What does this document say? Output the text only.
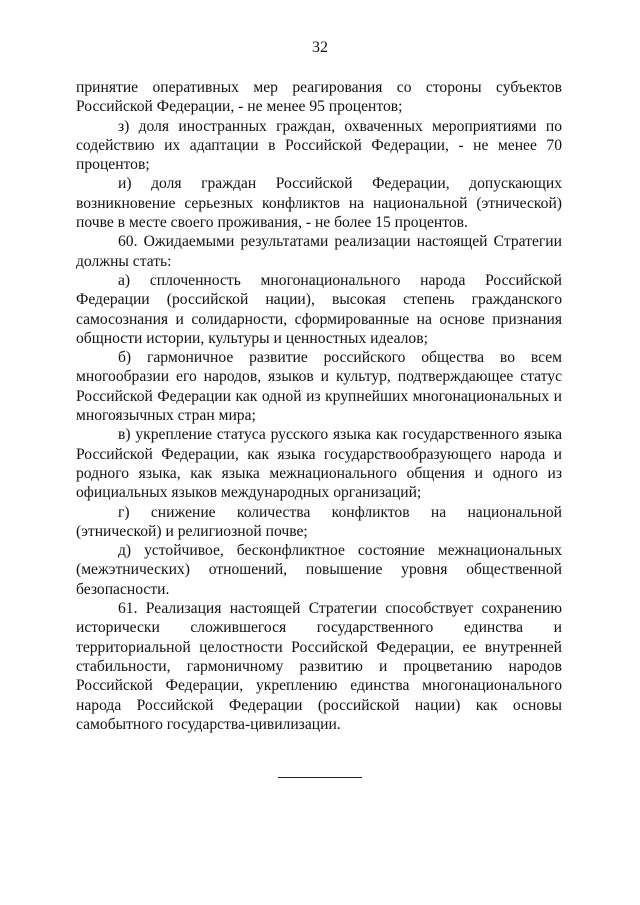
32

принятие оперативных мер реагирования со стороны субъектов Российской Федерации, - не менее 95 процентов;

з) доля иностранных граждан, охваченных мероприятиями по содействию их адаптации в Российской Федерации, - не менее 70 процентов;

и) доля граждан Российской Федерации, допускающих возникновение серьезных конфликтов на национальной (этнической) почве в месте своего проживания, - не более 15 процентов.

60. Ожидаемыми результатами реализации настоящей Стратегии должны стать:

а) сплоченность многонационального народа Российской Федерации (российской нации), высокая степень гражданского самосознания и солидарности, сформированные на основе признания общности истории, культуры и ценностных идеалов;

б) гармоничное развитие российского общества во всем многообразии его народов, языков и культур, подтверждающее статус Российской Федерации как одной из крупнейших многонациональных и многоязычных стран мира;

в) укрепление статуса русского языка как государственного языка Российской Федерации, как языка государствообразующего народа и родного языка, как языка межнационального общения и одного из официальных языков международных организаций;

г) снижение количества конфликтов на национальной (этнической) и религиозной почве;

д) устойчивое, бесконфликтное состояние межнациональных (межэтнических) отношений, повышение уровня общественной безопасности.

61. Реализация настоящей Стратегии способствует сохранению исторически сложившегося государственного единства и территориальной целостности Российской Федерации, ее внутренней стабильности, гармоничному развитию и процветанию народов Российской Федерации, укреплению единства многонационального народа Российской Федерации (российской нации) как основы самобытного государства-цивилизации.
